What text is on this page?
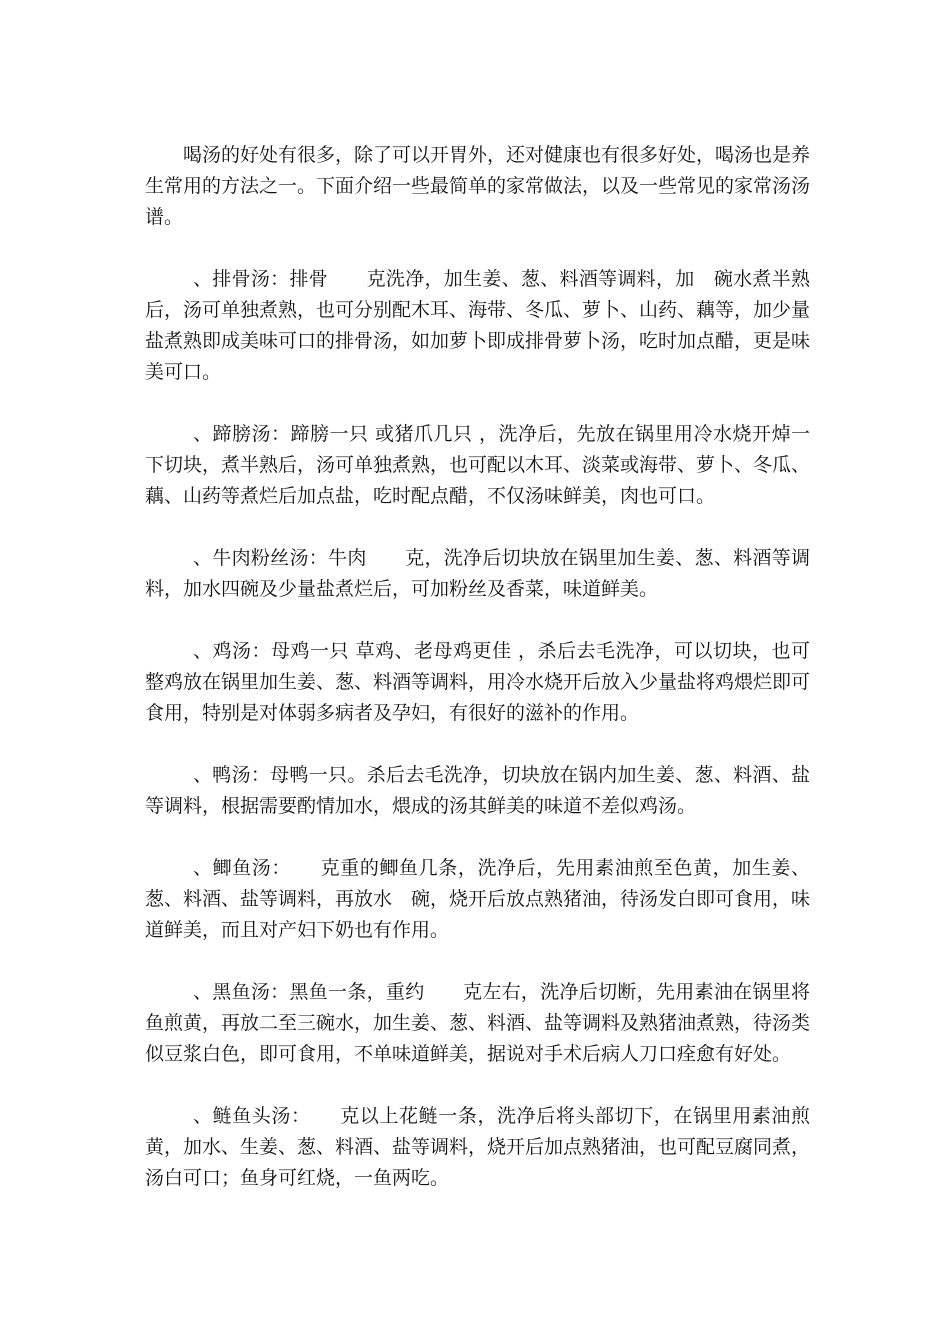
喝汤的好处有很多，除了可以开胃外，还对健康也有很多好处，喝汤也是养生常用的方法之一。下面介绍一些最简单的家常做法，以及一些常见的家常汤汤谱。

、排骨汤：排骨　　克洗净，加生姜、葱、料酒等调料，加　碗水煮半熟后，汤可单独煮熟，也可分别配木耳、海带、冬瓜、萝卜、山药、藕等，加少量盐煮熟即成美味可口的排骨汤，如加萝卜即成排骨萝卜汤，吃时加点醋，更是味美可口。

、蹄膀汤：蹄膀一只 或猪爪几只 ，洗净后，先放在锅里用冷水烧开焯一下切块，煮半熟后，汤可单独煮熟，也可配以木耳、淡菜或海带、萝卜、冬瓜、藕、山药等煮烂后加点盐，吃时配点醋，不仅汤味鲜美，肉也可口。

、牛肉粉丝汤：牛肉　　克，洗净后切块放在锅里加生姜、葱、料酒等调料，加水四碗及少量盐煮烂后，可加粉丝及香菜，味道鲜美。

、鸡汤：母鸡一只 草鸡、老母鸡更佳 ，杀后去毛洗净，可以切块，也可整鸡放在锅里加生姜、葱、料酒等调料，用冷水烧开后放入少量盐将鸡煨烂即可食用，特别是对体弱多病者及孕妇，有很好的滋补的作用。

、鸭汤：母鸭一只。杀后去毛洗净，切块放在锅内加生姜、葱、料酒、盐等调料，根据需要酌情加水，煨成的汤其鲜美的味道不差似鸡汤。

、鲫鱼汤：　　克重的鲫鱼几条，洗净后，先用素油煎至色黄，加生姜、葱、料酒、盐等调料，再放水　碗，烧开后放点熟猪油，待汤发白即可食用，味道鲜美，而且对产妇下奶也有作用。

、黑鱼汤：黑鱼一条，重约　　克左右，洗净后切断，先用素油在锅里将鱼煎黄，再放二至三碗水，加生姜、葱、料酒、盐等调料及熟猪油煮熟，待汤类似豆浆白色，即可食用，不单味道鲜美，据说对手术后病人刀口痊愈有好处。

、鲢鱼头汤：　　克以上花鲢一条，洗净后将头部切下，在锅里用素油煎黄，加水、生姜、葱、料酒、盐等调料，烧开后加点熟猪油，也可配豆腐同煮，汤白可口；鱼身可红烧，一鱼两吃。
